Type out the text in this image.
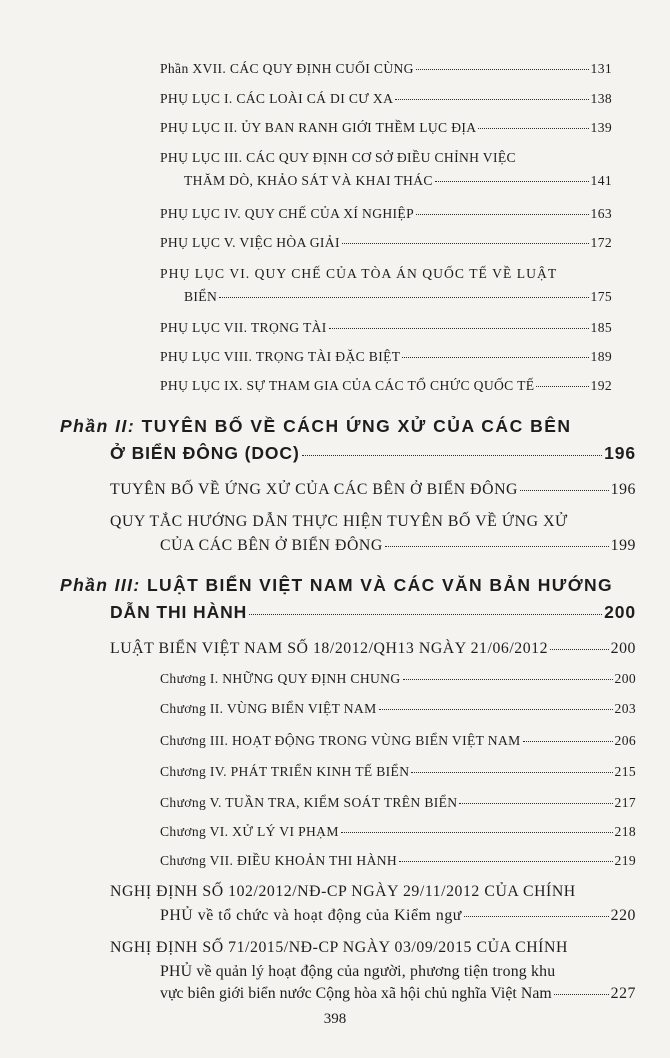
Phần XVII. CÁC QUY ĐỊNH CUỐI CÙNG	131
PHỤ LỤC I. CÁC LOÀI CÁ DI CƯ XA	138
PHỤ LỤC II. ỦY BAN RANH GIỚI THỀM LỤC ĐỊA	139
PHỤ LỤC III. CÁC QUY ĐỊNH CƠ SỞ ĐIỀU CHỈNH VIỆC
THĂM DÒ, KHẢO SÁT VÀ KHAI THÁC	141
PHỤ LỤC IV. QUY CHẾ CỦA XÍ NGHIỆP	163
PHỤ LỤC V. VIỆC HÒA GIẢI	172
PHỤ LỤC VI. QUY CHẾ CỦA TÒA ÁN QUỐC TẾ VỀ LUẬT
BIỂN	175
PHỤ LỤC VII. TRỌNG TÀI	185
PHỤ LỤC VIII. TRỌNG TÀI ĐẶC BIỆT	189
PHỤ LỤC IX. SỰ THAM GIA CỦA CÁC TỔ CHỨC QUỐC TẾ	192
Phần II: TUYÊN BỐ VỀ CÁCH ỨNG XỬ CỦA CÁC BÊN
Ở BIỂN ĐÔNG (DOC)	196
TUYÊN BỐ VỀ ỨNG XỬ CỦA CÁC BÊN Ở BIỂN ĐÔNG	196
QUY TẮC HƯỚNG DẪN THỰC HIỆN TUYÊN BỐ VỀ ỨNG XỬ
CỦA CÁC BÊN Ở BIỂN ĐÔNG	199
Phần III: LUẬT BIỂN VIỆT NAM VÀ CÁC VĂN BẢN HƯỚNG
DẪN THI HÀNH	200
LUẬT BIỂN VIỆT NAM SỐ 18/2012/QH13 NGÀY 21/06/2012	200
Chương I. NHỮNG QUY ĐỊNH CHUNG	200
Chương II. VÙNG BIỂN VIỆT NAM	203
Chương III. HOẠT ĐỘNG TRONG VÙNG BIỂN VIỆT NAM	206
Chương IV. PHÁT TRIỂN KINH TẾ BIỂN	215
Chương V. TUẦN TRA, KIỂM SOÁT TRÊN BIỂN	217
Chương VI. XỬ LÝ VI PHẠM	218
Chương VII. ĐIỀU KHOẢN THI HÀNH	219
NGHỊ ĐỊNH SỐ 102/2012/NĐ-CP NGÀY 29/11/2012 CỦA CHÍNH
PHỦ về tổ chức và hoạt động của Kiểm ngư	220
NGHỊ ĐỊNH SỐ 71/2015/NĐ-CP NGÀY 03/09/2015 CỦA CHÍNH
PHỦ về quản lý hoạt động của người, phương tiện trong khu
vực biên giới biển nước Cộng hòa xã hội chủ nghĩa Việt Nam	227
398
